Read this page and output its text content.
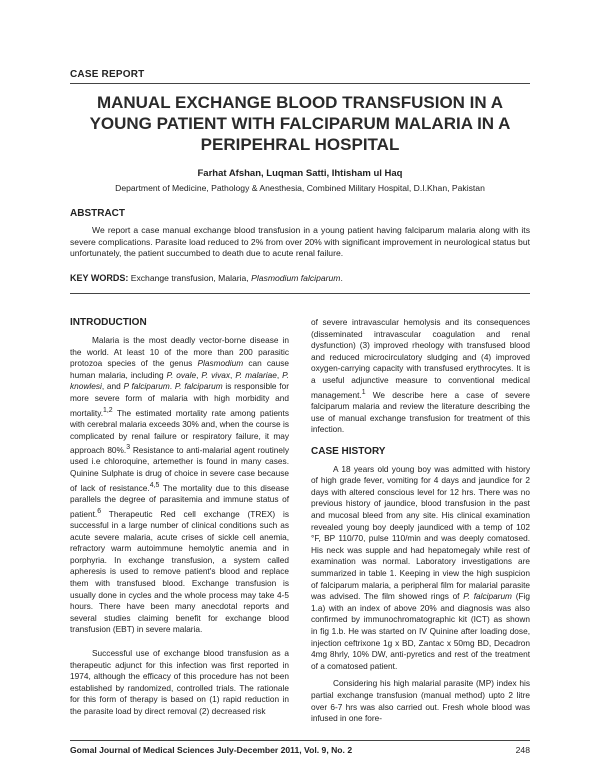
CASE REPORT
MANUAL EXCHANGE BLOOD TRANSFUSION IN A YOUNG PATIENT WITH FALCIPARUM MALARIA IN A PERIPEHRAL HOSPITAL
Farhat Afshan, Luqman Satti, Ihtisham ul Haq
Department of Medicine, Pathology & Anesthesia, Combined Military Hospital, D.I.Khan, Pakistan
ABSTRACT

We report a case manual exchange blood transfusion in a young patient having falciparum malaria along with its severe complications. Parasite load reduced to 2% from over 20% with significant improvement in neurological status but unfortunately, the patient succumbed to death due to acute renal failure.

KEY WORDS: Exchange transfusion, Malaria, Plasmodium falciparum.
INTRODUCTION

Malaria is the most deadly vector-borne disease in the world. At least 10 of the more than 200 parasitic protozoa species of the genus Plasmodium can cause human malaria, including P. ovale, P. vivax, P. malariae, P. knowlesi, and P falciparum. P. falciparum is responsible for more severe form of malaria with high morbidity and mortality.$^{1,2}$ The estimated mortality rate among patients with cerebral malaria exceeds 30% and, when the course is complicated by renal failure or respiratory failure, it may approach 80%.$^3$ Resistance to anti-malarial agent routinely used i.e chloroquine, artemether is found in many cases. Quinine Sulphate is drug of choice in severe case because of lack of resistance.$^{4,5}$ The mortality due to this disease parallels the degree of parasitemia and immune status of patient.$^6$ Therapeutic Red cell exchange (TREX) is successful in a large number of clinical conditions such as acute severe malaria, acute crises of sickle cell anemia, refractory warm autoimmune hemolytic anemia and in porphyria. In exchange transfusion, a system called apheresis is used to remove patient's blood and replace them with transfused blood. Exchange transfusion is usually done in cycles and the whole process may take 4-5 hours. There have been many anecdotal reports and several studies claiming benefit for exchange blood transfusion (EBT) in severe malaria.

Successful use of exchange blood transfusion as a therapeutic adjunct for this infection was first reported in 1974, although the efficacy of this procedure has not been established by randomized, controlled trials. The rationale for this form of therapy is based on (1) rapid reduction in the parasite load by direct removal (2) decreased risk

of severe intravascular hemolysis and its consequences (disseminated intravascular coagulation and renal dysfunction) (3) improved rheology with transfused blood and reduced microcirculatory sludging and (4) improved oxygen-carrying capacity with transfused erythrocytes. It is a useful adjunctive measure to conventional medical management.$^1$ We describe here a case of severe falciparum malaria and review the literature describing the use of manual exchange transfusion for treatment of this infection.

CASE HISTORY

A 18 years old young boy was admitted with history of high grade fever, vomiting for 4 days and jaundice for 2 days with altered conscious level for 12 hrs. There was no previous history of jaundice, blood transfusion in the past and mucosal bleed from any site. His clinical examination revealed young boy deeply jaundiced with a temp of 102 °F, BP 110/70, pulse 110/min and was deeply comatosed. His neck was supple and had hepatomegaly while rest of examination was normal. Laboratory investigations are summarized in table 1. Keeping in view the high suspicion of falciparum malaria, a peripheral film for malarial parasite was advised. The film showed rings of P. falciparum (Fig 1.a) with an index of above 20% and diagnosis was also confirmed by immunochromatographic kit (ICT) as shown in fig 1.b. He was started on IV Quinine after loading dose, injection ceftrixone 1g x BD, Zantac x 50mg BD, Decadron 4mg 8hrly, 10% DW, anti-pyretics and rest of the treatment of a comatosed patient.

Considering his high malarial parasite (MP) index his partial exchange transfusion (manual method) upto 2 litre over 6-7 hrs was also carried out. Fresh whole blood was infused in one fore-

Gomal Journal of Medical Sciences July-December 2011, Vol. 9, No. 2	248
